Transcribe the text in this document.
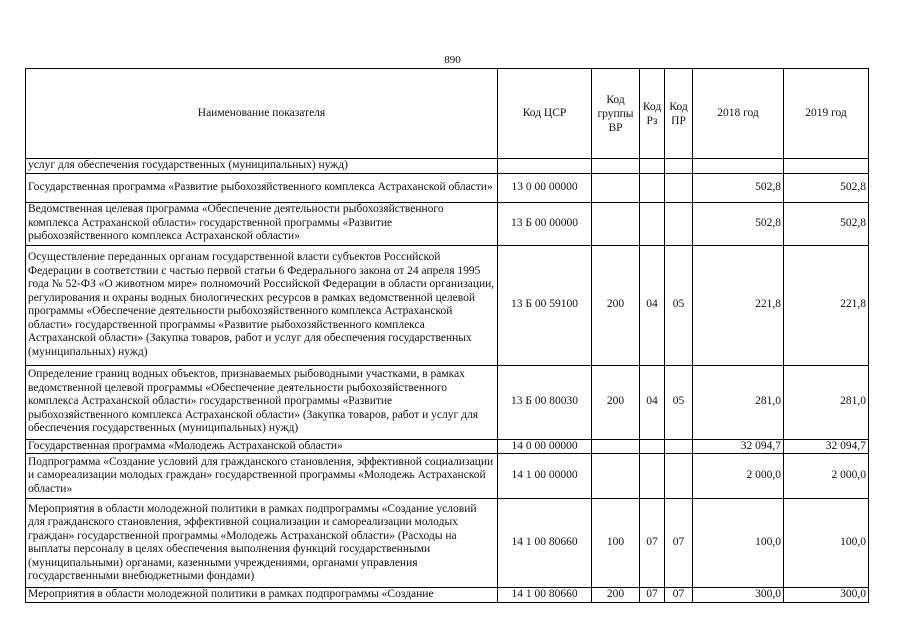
890
Наименование показателя	Код ЦСР	Код группы ВР	Код Рз	Код ПР	2018 год	2019 год
услуг для обеспечения государственных (муниципальных) нужд)						
Государственная программа «Развитие рыбохозяйственного комплекса Астраханской области»	13 0 00 00000				502,8	502,8
Ведомственная целевая программа «Обеспечение деятельности рыбохозяйственного комплекса Астраханской области» государственной программы «Развитие рыбохозяйственного комплекса Астраханской области»	13 Б 00 00000				502,8	502,8
Осуществление переданных органам государственной власти субъектов Российской Федерации в соответствии с частью первой статьи 6 Федерального закона от 24 апреля 1995 года № 52-ФЗ «О животном мире» полномочий Российской Федерации в области организации, регулирования и охраны водных биологических ресурсов в рамках ведомственной целевой программы «Обеспечение деятельности рыбохозяйственного комплекса Астраханской области» государственной программы «Развитие рыбохозяйственного комплекса Астраханской области» (Закупка товаров, работ и услуг для обеспечения государственных (муниципальных) нужд)	13 Б 00 59100	200	04	05	221,8	221,8
Определение границ водных объектов, признаваемых рыбоводными участками, в рамках ведомственной целевой программы «Обеспечение деятельности рыбохозяйственного комплекса Астраханской области» государственной программы «Развитие рыбохозяйственного комплекса Астраханской области» (Закупка товаров, работ и услуг для обеспечения государственных (муниципальных) нужд)	13 Б 00 80030	200	04	05	281,0	281,0
Государственная программа «Молодежь Астраханской области»	14 0 00 00000				32 094,7	32 094,7
Подпрограмма «Создание условий для гражданского становления, эффективной социализации и самореализации молодых граждан» государственной программы «Молодежь Астраханской области»	14 1 00 00000				2 000,0	2 000,0
Мероприятия в области молодежной политики в рамках подпрограммы «Создание условий для гражданского становления, эффективной социализации и самореализации молодых граждан» государственной программы «Молодежь Астраханской области» (Расходы на выплаты персоналу в целях обеспечения выполнения функций государственными (муниципальными) органами, казенными учреждениями, органами управления государственными внебюджетными фондами)	14 1 00 80660	100	07	07	100,0	100,0
Мероприятия в области молодежной политики в рамках подпрограммы «Создание	14 1 00 80660	200	07	07	300,0	300,0
